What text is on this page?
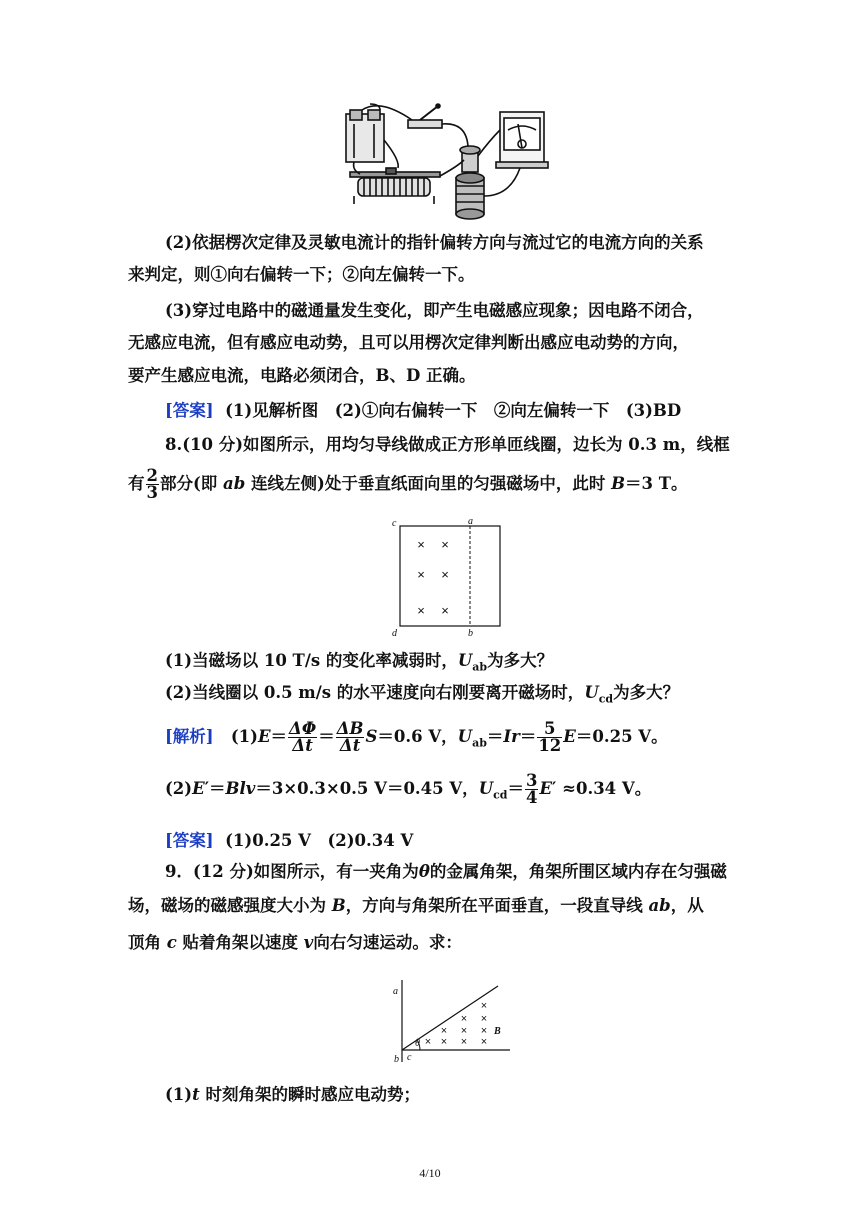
(2)依据楞次定律及灵敏电流计的指针偏转方向与流过它的电流方向的关系
来判定，则①向右偏转一下；②向左偏转一下。
(3)穿过电路中的磁通量发生变化，即产生电磁感应现象；因电路不闭合，
无感应电流，但有感应电动势，且可以用楞次定律判断出感应电动势的方向，
要产生感应电流，电路必须闭合，B、D 正确。
[答案] (1)见解析图　(2)①向右偏转一下　②向左偏转一下　(3)BD
8.(10 分)如图所示，用均匀导线做成正方形单匝线圈，边长为 0.3 m，线框
有 $\frac{2}{3}$ 部分(即 ab 连线左侧)处于垂直纸面向里的匀强磁场中，此时 B＝3 T。
× ×
× ×
× ×
c	a
d	b
(1)当磁场以 10 T/s 的变化率减弱时，$U_{ab}$为多大？
(2)当线圈以 0.5 m/s 的水平速度向右刚要离开磁场时，$U_{cd}$为多大？
[解析] $(1)E= \frac{\Delta\Phi}{\Delta t} = \frac{\Delta B}{\Delta t} S=0.6$ V，$U_{ab}=Ir= \frac{5}{12} E=0.25$ V。
(2)E′＝Blv＝3×0.3×0.5 V＝0.45 V，$U_{cd}= \frac{3}{4} E' \approx 0.34$ V。
[答案] (1)0.25 V　(2)0.34 V
9．(12 分)如图所示，有一夹角为θ的金属角架，角架所围区域内存在匀强磁
场，磁场的磁感强度大小为 B，方向与角架所在平面垂直，一段直导线 ab，从
顶角 c 贴着角架以速度 v向右匀速运动。求：
×
× ×
× × ×
× × × ×
a
b c
θ
B
(1)t 时刻角架的瞬时感应电动势；
4/10
